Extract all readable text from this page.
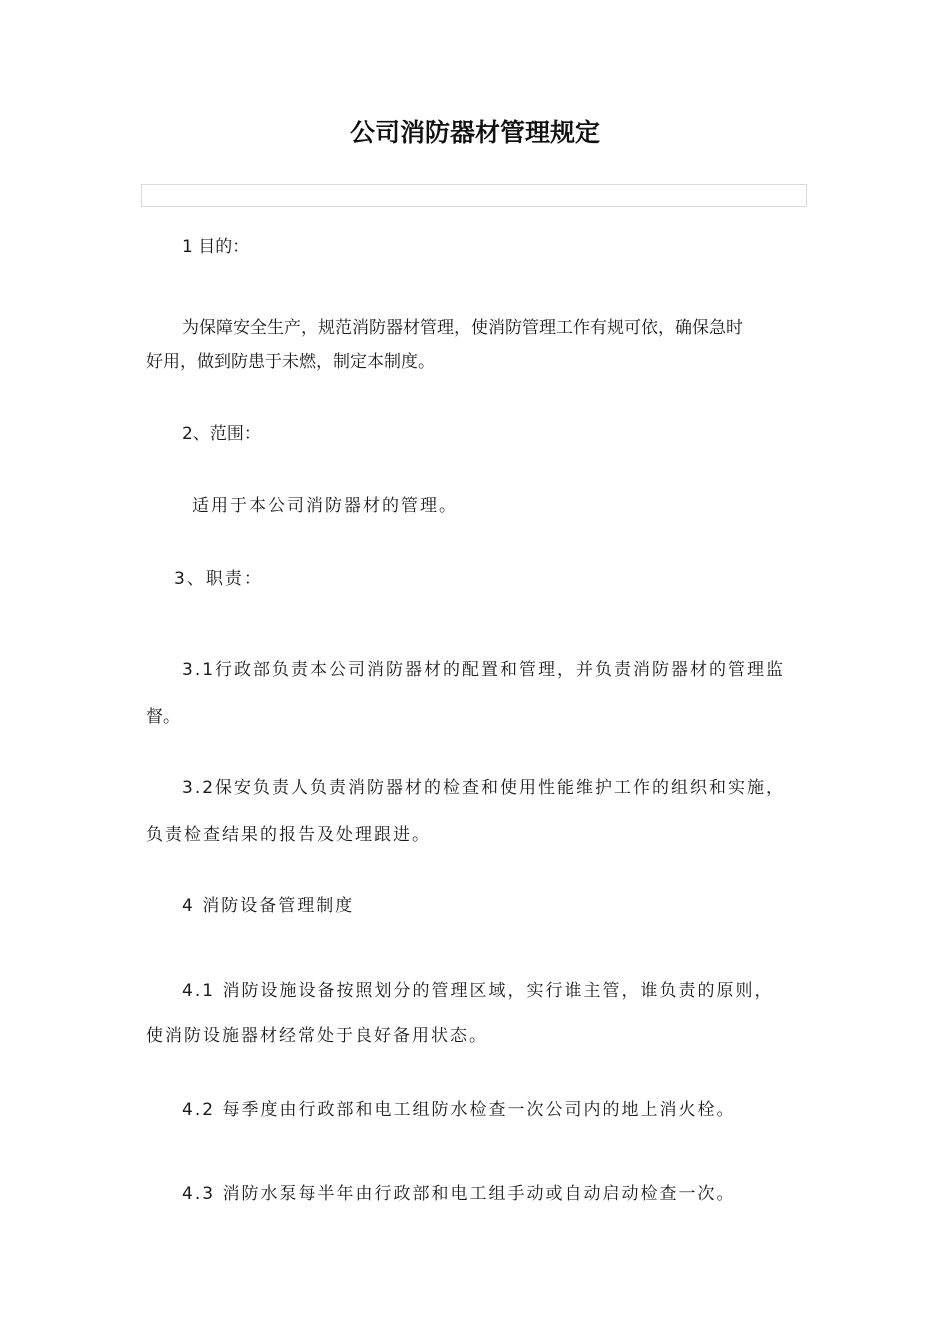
公司消防器材管理规定
1 目的：
为保障安全生产，规范消防器材管理，使消防管理工作有规可依，确保急时
好用，做到防患于未燃，制定本制度。
2、范围：
适用于本公司消防器材的管理。
3、职责：
3.1行政部负责本公司消防器材的配置和管理，并负责消防器材的管理监
督。
3.2保安负责人负责消防器材的检查和使用性能维护工作的组织和实施，
负责检查结果的报告及处理跟进。
4 消防设备管理制度
4.1 消防设施设备按照划分的管理区域，实行谁主管，谁负责的原则，
使消防设施器材经常处于良好备用状态。
4.2 每季度由行政部和电工组防水检查一次公司内的地上消火栓。
4.3 消防水泵每半年由行政部和电工组手动或自动启动检查一次。
